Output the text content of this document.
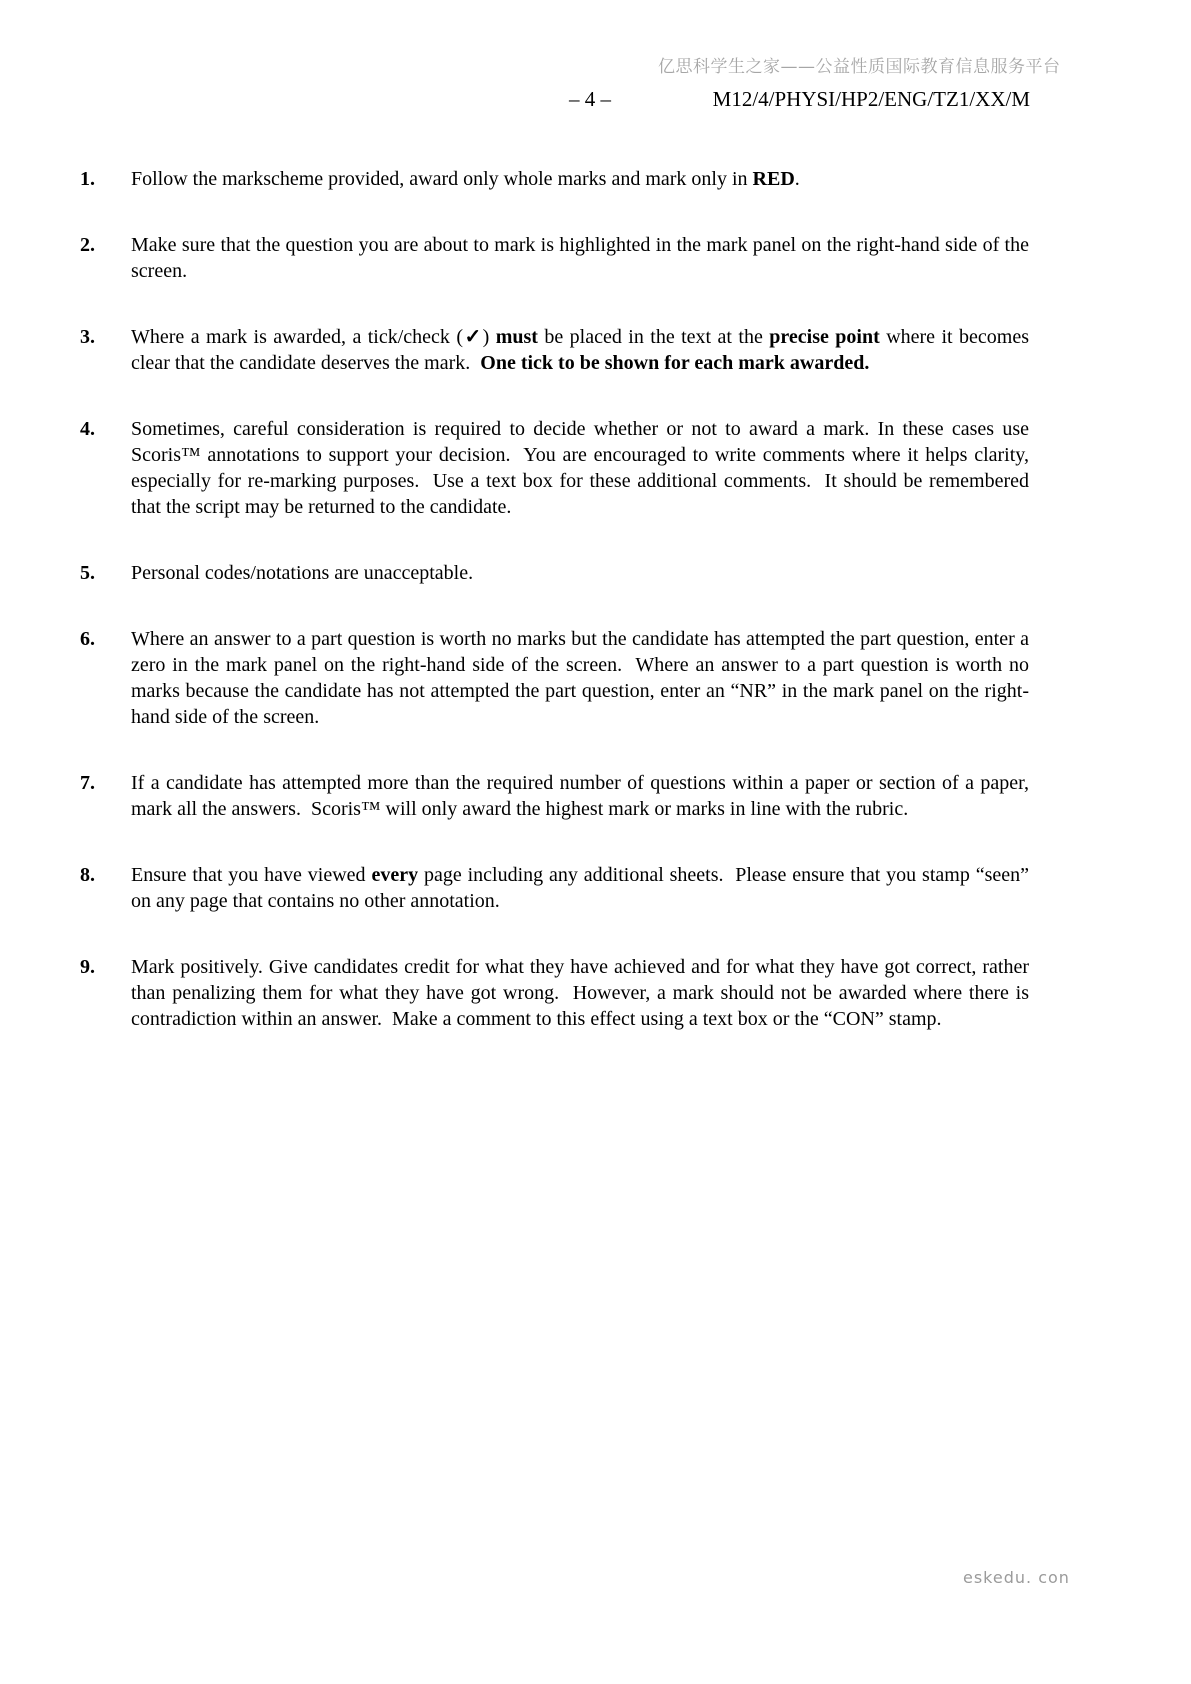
亿思科学生之家——公益性质国际教育信息服务平台
– 4 –	M12/4/PHYSI/HP2/ENG/TZ1/XX/M
1.	Follow the markscheme provided, award only whole marks and mark only in RED.
2.	Make sure that the question you are about to mark is highlighted in the mark panel on the right-hand side of the screen.
3.	Where a mark is awarded, a tick/check (✓) must be placed in the text at the precise point where it becomes clear that the candidate deserves the mark.  One tick to be shown for each mark awarded.
4.	Sometimes, careful consideration is required to decide whether or not to award a mark. In these cases use Scoris™ annotations to support your decision.  You are encouraged to write comments where it helps clarity, especially for re-marking purposes.  Use a text box for these additional comments.  It should be remembered that the script may be returned to the candidate.
5.	Personal codes/notations are unacceptable.
6.	Where an answer to a part question is worth no marks but the candidate has attempted the part question, enter a zero in the mark panel on the right-hand side of the screen.  Where an answer to a part question is worth no marks because the candidate has not attempted the part question, enter an “NR” in the mark panel on the right-hand side of the screen.
7.	If a candidate has attempted more than the required number of questions within a paper or section of a paper, mark all the answers.  Scoris™ will only award the highest mark or marks in line with the rubric.
8.	Ensure that you have viewed every page including any additional sheets.  Please ensure that you stamp “seen” on any page that contains no other annotation.
9.	Mark positively. Give candidates credit for what they have achieved and for what they have got correct, rather than penalizing them for what they have got wrong.  However, a mark should not be awarded where there is contradiction within an answer.  Make a comment to this effect using a text box or the “CON” stamp.
eskedu. con
